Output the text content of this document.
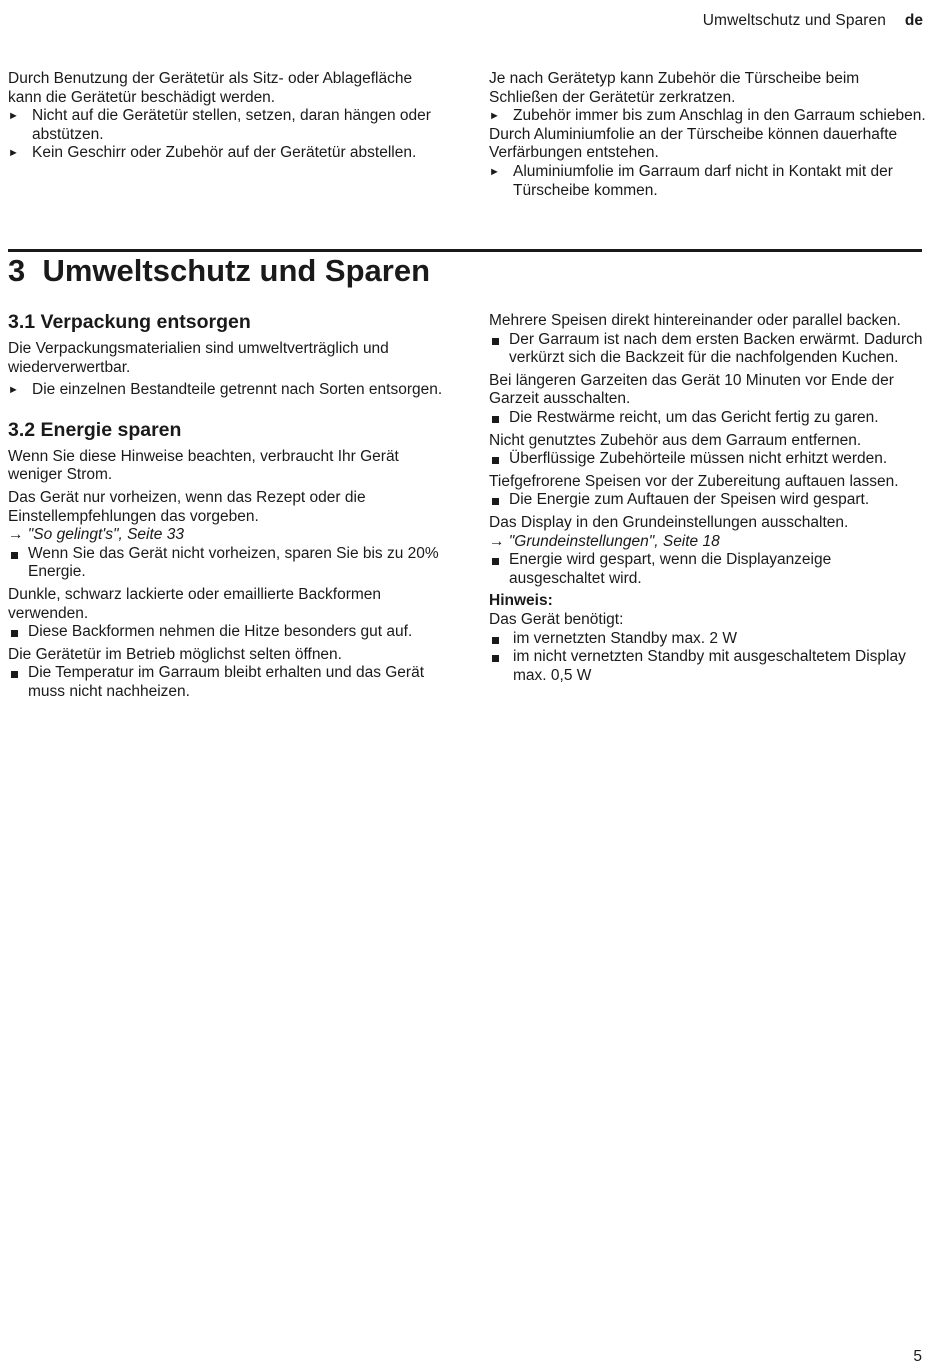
Umweltschutz und Sparen de

Durch Benutzung der Gerätetür als Sitz- oder Ablagefläche kann die Gerätetür beschädigt werden.

► Nicht auf die Gerätetür stellen, setzen, daran hängen oder abstützen.

► Kein Geschirr oder Zubehör auf der Gerätetür abstellen.

Je nach Gerätetyp kann Zubehör die Türscheibe beim Schließen der Gerätetür zerkratzen.

► Zubehör immer bis zum Anschlag in den Garraum schieben.

Durch Aluminiumfolie an der Türscheibe können dauerhafte Verfärbungen entstehen.

► Aluminiumfolie im Garraum darf nicht in Kontakt mit der Türscheibe kommen.

3 Umweltschutz und Sparen
3.1 Verpackung entsorgen

Die Verpackungsmaterialien sind umweltverträglich und wiederverwertbar.

► Die einzelnen Bestandteile getrennt nach Sorten entsorgen.

3.2 Energie sparen

Wenn Sie diese Hinweise beachten, verbraucht Ihr Gerät weniger Strom.

Das Gerät nur vorheizen, wenn das Rezept oder die Einstellempfehlungen das vorgeben.

→ "So gelingt's", Seite 33

Wenn Sie das Gerät nicht vorheizen, sparen Sie bis zu 20% Energie.

Dunkle, schwarz lackierte oder emaillierte Backformen verwenden.

Diese Backformen nehmen die Hitze besonders gut auf.

Die Gerätetür im Betrieb möglichst selten öffnen.

Die Temperatur im Garraum bleibt erhalten und das Gerät muss nicht nachheizen.

Mehrere Speisen direkt hintereinander oder parallel backen.

Der Garraum ist nach dem ersten Backen erwärmt. Dadurch verkürzt sich die Backzeit für die nachfolgenden Kuchen.

Bei längeren Garzeiten das Gerät 10 Minuten vor Ende der Garzeit ausschalten.

Die Restwärme reicht, um das Gericht fertig zu garen.

Nicht genutztes Zubehör aus dem Garraum entfernen.

Überflüssige Zubehörteile müssen nicht erhitzt werden.

Tiefgefrorene Speisen vor der Zubereitung auftauen lassen.

Die Energie zum Auftauen der Speisen wird gespart.

Das Display in den Grundeinstellungen ausschalten.

→ "Grundeinstellungen", Seite 18

Energie wird gespart, wenn die Displayanzeige ausgeschaltet wird.

Hinweis:

Das Gerät benötigt:

im vernetzten Standby max. 2 W

im nicht vernetzten Standby mit ausgeschaltetem Display max. 0,5 W

5
